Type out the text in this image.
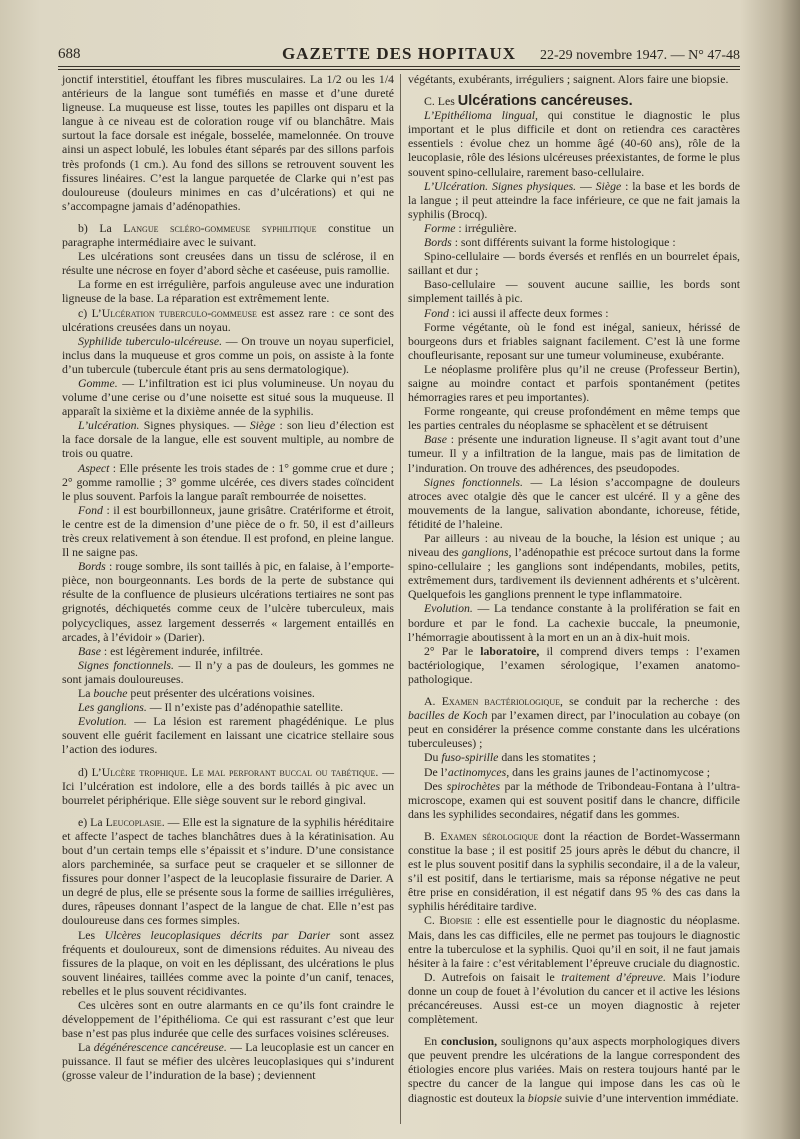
688	GAZETTE DES HOPITAUX	22-29 novembre 1947. — N° 47-48

jonctif interstitiel, étouffant les fibres musculaires. La 1/2 ou les 1/4 antérieurs de la langue sont tuméfiés en masse et d’une dureté ligneuse. La muqueuse est lisse, toutes les papilles ont disparu et la langue à ce niveau est de coloration rouge vif ou blanchâtre. Mais surtout la face dorsale est inégale, bosselée, mamelonnée. On trouve ainsi un aspect lobulé, les lobules étant séparés par des sillons parfois très profonds (1 cm.). Au fond des sillons se retrouvent souvent les fissures linéaires. C’est la langue parquetée de Clarke qui n’est pas douloureuse (douleurs minimes en cas d’ulcérations) et qui ne s’accompagne jamais d’adénopathies.

b) La Langue scléro-gommeuse syphilitique constitue un paragraphe intermédiaire avec le suivant.

Les ulcérations sont creusées dans un tissu de sclérose, il en résulte une nécrose en foyer d’abord sèche et caséeuse, puis ramollie.

La forme en est irrégulière, parfois anguleuse avec une induration ligneuse de la base. La réparation est extrêmement lente.

c) L’Ulcération tuberculo-gommeuse est assez rare : ce sont des ulcérations creusées dans un noyau.

Syphilide tuberculo-ulcéreuse. — On trouve un noyau superficiel, inclus dans la muqueuse et gros comme un pois, on assiste à la fonte d’un tubercule (tubercule étant pris au sens dermatologique).

Gomme. — L’infiltration est ici plus volumineuse. Un noyau du volume d’une cerise ou d’une noisette est situé sous la muqueuse. Il apparaît la sixième et la dixième année de la syphilis.

L’ulcération. Signes physiques. — Siège : son lieu d’élection est la face dorsale de la langue, elle est souvent multiple, au nombre de trois ou quatre.

Aspect : Elle présente les trois stades de : 1° gomme crue et dure ; 2° gomme ramollie ; 3° gomme ulcérée, ces divers stades coïncident le plus souvent. Parfois la langue paraît rembourrée de noisettes.

Fond : il est bourbillonneux, jaune grisâtre. Cratériforme et étroit, le centre est de la dimension d’une pièce de o fr. 50, il est d’ailleurs très creux relativement à son étendue. Il est profond, en pleine langue. Il ne saigne pas.

Bords : rouge sombre, ils sont taillés à pic, en falaise, à l’emporte-pièce, non bourgeonnants. Les bords de la perte de substance qui résulte de la confluence de plusieurs ulcérations tertiaires ne sont pas grignotés, déchiquetés comme ceux de l’ulcère tuberculeux, mais polycycliques, assez largement desserrés « largement entaillés en arcades, à l’évidoir » (Darier).

Base : est légèrement indurée, infiltrée.

Signes fonctionnels. — Il n’y a pas de douleurs, les gommes ne sont jamais douloureuses.

La bouche peut présenter des ulcérations voisines.

Les ganglions. — Il n’existe pas d’adénopathie satellite.

Evolution. — La lésion est rarement phagédénique. Le plus souvent elle guérit facilement en laissant une cicatrice stellaire sous l’action des iodures.

d) L’Ulcère trophique. Le mal perforant buccal ou tabétique. — Ici l’ulcération est indolore, elle a des bords taillés à pic avec un bourrelet périphérique. Elle siège souvent sur le rebord gingival.

e) La Leucoplasie. — Elle est la signature de la syphilis héréditaire et affecte l’aspect de taches blanchâtres dues à la kératinisation. Au bout d’un certain temps elle s’épaissit et s’indure. D’une consistance alors parcheminée, sa surface peut se craqueler et se sillonner de fissures pour donner l’aspect de la leucoplasie fissuraire de Darier. A un degré de plus, elle se présente sous la forme de saillies irrégulières, dures, râpeuses donnant l’aspect de la langue de chat. Elle n’est pas douloureuse dans ces formes simples.

Les Ulcères leucoplasiques décrits par Darier sont assez fréquents et douloureux, sont de dimensions réduites. Au niveau des fissures de la plaque, on voit en les déplissant, des ulcérations le plus souvent linéaires, taillées comme avec la pointe d’un canif, tenaces, rebelles et le plus souvent récidivantes.

Ces ulcères sont en outre alarmants en ce qu’ils font craindre le développement de l’épithélioma. Ce qui est rassurant c’est que leur base n’est pas plus indurée que celle des surfaces voisines scléreuses.

La dégénérescence cancéreuse. — La leucoplasie est un cancer en puissance. Il faut se méfier des ulcères leucoplasiques qui s’indurent (grosse valeur de l’induration de la base) ; deviennent

végétants, exubérants, irréguliers ; saignent. Alors faire une biopsie.

C. Les Ulcérations cancéreuses.

L’Epithélioma lingual, qui constitue le diagnostic le plus important et le plus difficile et dont on retiendra ces caractères essentiels : évolue chez un homme âgé (40-60 ans), rôle de la leucoplasie, rôle des lésions ulcéreuses préexistantes, de forme le plus souvent spino-cellulaire, rarement baso-cellulaire.

L’Ulcération. Signes physiques. — Siège : la base et les bords de la langue ; il peut atteindre la face inférieure, ce que ne fait jamais la syphilis (Brocq).

Forme : irrégulière.

Bords : sont différents suivant la forme histologique :

Spino-cellulaire — bords éversés et renflés en un bourrelet épais, saillant et dur ;

Baso-cellulaire — souvent aucune saillie, les bords sont simplement taillés à pic.

Fond : ici aussi il affecte deux formes :

Forme végétante, où le fond est inégal, sanieux, hérissé de bourgeons durs et friables saignant facilement. C’est là une forme choufleurisante, reposant sur une tumeur volumineuse, exubérante.

Le néoplasme prolifère plus qu’il ne creuse (Professeur Bertin), saigne au moindre contact et parfois spontanément (petites hémorragies rares et peu importantes).

Forme rongeante, qui creuse profondément en même temps que les parties centrales du néoplasme se sphacèlent et se détruisent

Base : présente une induration ligneuse. Il s’agit avant tout d’une tumeur. Il y a infiltration de la langue, mais pas de limitation de l’induration. On trouve des adhérences, des pseudopodes.

Signes fonctionnels. — La lésion s’accompagne de douleurs atroces avec otalgie dès que le cancer est ulcéré. Il y a gêne des mouvements de la langue, salivation abondante, ichoreuse, fétide, fétidité de l’haleine.

Par ailleurs : au niveau de la bouche, la lésion est unique ; au niveau des ganglions, l’adénopathie est précoce surtout dans la forme spino-cellulaire ; les ganglions sont indépendants, mobiles, petits, extrêmement durs, tardivement ils deviennent adhérents et s’ulcèrent. Quelquefois les ganglions prennent le type inflammatoire.

Evolution. — La tendance constante à la prolifération se fait en bordure et par le fond. La cachexie buccale, la pneumonie, l’hémorragie aboutissent à la mort en un an à dix-huit mois.

2° Par le laboratoire, il comprend divers temps : l’examen bactériologique, l’examen sérologique, l’examen anatomo-pathologique.

A. Examen bactériologique, se conduit par la recherche : des bacilles de Koch par l’examen direct, par l’inoculation au cobaye (on peut en considérer la présence comme constante dans les ulcérations tuberculeuses) ;

Du fuso-spirille dans les stomatites ;

De l’actinomyces, dans les grains jaunes de l’actinomycose ;

Des spirochètes par la méthode de Tribondeau-Fontana à l’ultra-microscope, examen qui est souvent positif dans le chancre, difficile dans les syphilides secondaires, négatif dans les gommes.

B. Examen sérologique dont la réaction de Bordet-Wassermann constitue la base ; il est positif 25 jours après le début du chancre, il est le plus souvent positif dans la syphilis secondaire, il a de la valeur, s’il est positif, dans le tertiarisme, mais sa réponse négative ne peut être prise en considération, il est négatif dans 95 % des cas dans la syphilis héréditaire tardive.

C. Biopsie : elle est essentielle pour le diagnostic du néoplasme. Mais, dans les cas difficiles, elle ne permet pas toujours le diagnostic entre la tuberculose et la syphilis. Quoi qu’il en soit, il ne faut jamais hésiter à la faire : c’est véritablement l’épreuve cruciale du diagnostic.

D. Autrefois on faisait le traitement d’épreuve. Mais l’iodure donne un coup de fouet à l’évolution du cancer et il active les lésions précancéreuses. Aussi est-ce un moyen diagnostic à rejeter complètement.

En conclusion, soulignons qu’aux aspects morphologiques divers que peuvent prendre les ulcérations de la langue correspondent des étiologies encore plus variées. Mais on restera toujours hanté par le spectre du cancer de la langue qui impose dans les cas où le diagnostic est douteux la biopsie suivie d’une intervention immédiate.
